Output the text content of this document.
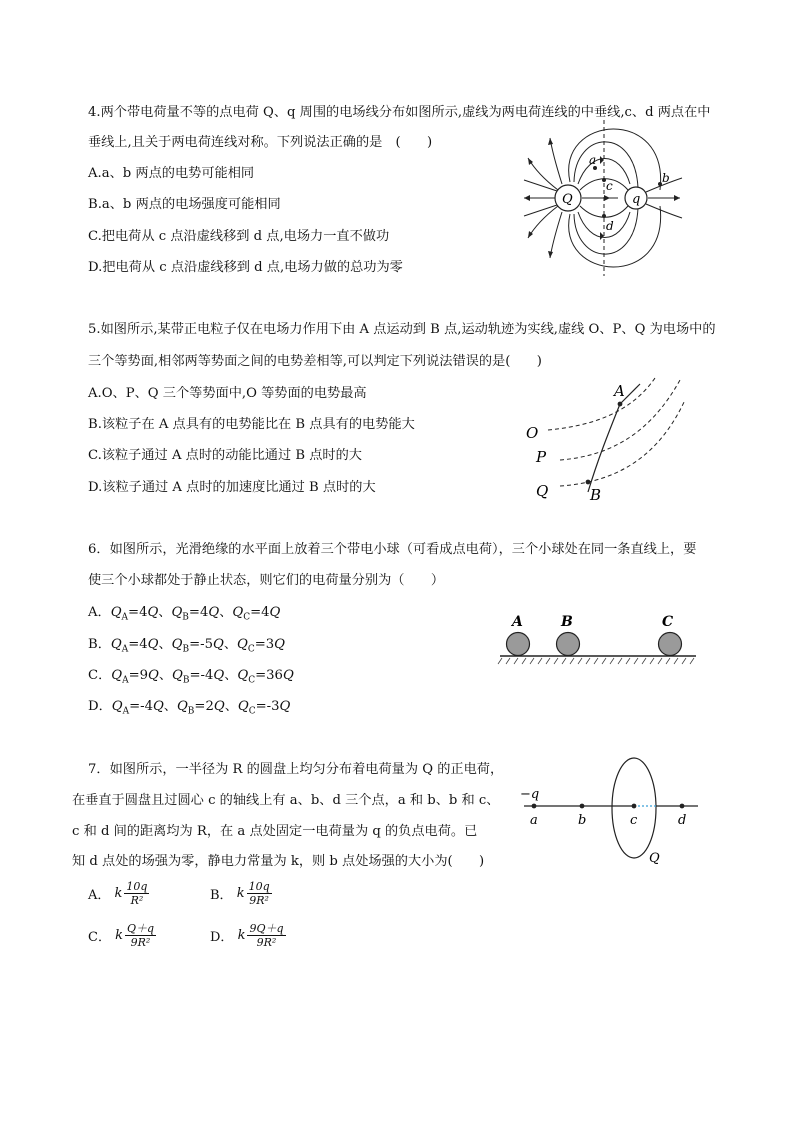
4.两个带电荷量不等的点电荷 Q、q 周围的电场线分布如图所示,虚线为两电荷连线的中垂线,c、d 两点在中
垂线上,且关于两电荷连线对称。下列说法正确的是　(　　)
A.a、b 两点的电势可能相同
B.a、b 两点的电场强度可能相同
C.把电荷从 c 点沿虚线移到 d 点,电场力一直不做功
D.把电荷从 c 点沿虚线移到 d 点,电场力做的总功为零
Q	q
a
c
d
b
5.如图所示,某带正电粒子仅在电场力作用下由 A 点运动到 B 点,运动轨迹为实线,虚线 O、P、Q 为电场中的
三个等势面,相邻两等势面之间的电势差相等,可以判定下列说法错误的是(　　)
A.O、P、Q 三个等势面中,O 等势面的电势最高
B.该粒子在 A 点具有的电势能比在 B 点具有的电势能大
C.该粒子通过 A 点时的动能比通过 B 点时的大
D.该粒子通过 A 点时的加速度比通过 B 点时的大
A
B
O
P
Q
6．如图所示，光滑绝缘的水平面上放着三个带电小球（可看成点电荷），三个小球处在同一条直线上，要
使三个小球都处于静止状态，则它们的电荷量分别为（　　）
A．$Q_A=4Q$、$Q_B=4Q$、$Q_C=4Q$
B．$Q_A=4Q$、$Q_B=-5Q$、$Q_C=3Q$
C．$Q_A=9Q$、$Q_B=-4Q$、$Q_C=36Q$
D．$Q_A=-4Q$、$Q_B=2Q$、$Q_C=-3Q$
A	B	C
7．如图所示，一半径为 R 的圆盘上均匀分布着电荷量为 Q 的正电荷，
在垂直于圆盘且过圆心 c 的轴线上有 a、b、d 三个点，a 和 b、b 和 c、
c 和 d 间的距离均为 R，在 a 点处固定一电荷量为 q 的负点电荷。已
知 d 点处的场强为零，静电力常量为 k，则 b 点处场强的大小为(　　)
A． k $\frac{10q}{\text{R²}}$	B． k $\frac{10q}{\text{9R²}}$
C． k $\frac{Q+q}{\text{9R²}}$	D． k $\frac{9Q+q}{\text{9R²}}$
−q
a	b	c	d
Q
